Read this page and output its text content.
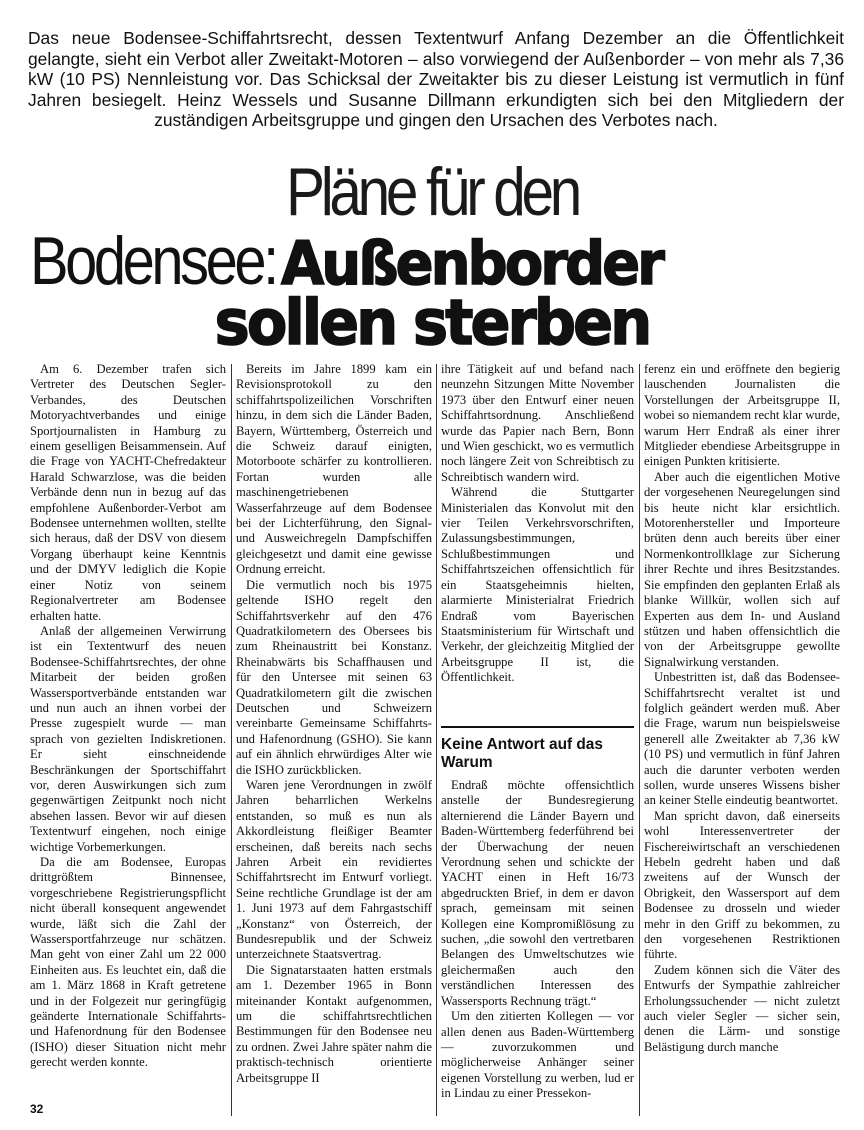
Das neue Bodensee-Schiffahrtsrecht, dessen Textentwurf Anfang Dezember an die Öffentlichkeit gelangte, sieht ein Verbot aller Zweitakt-Motoren – also vorwiegend der Außenborder – von mehr als 7,36 kW (10 PS) Nennleistung vor. Das Schicksal der Zweitakter bis zu dieser Leistung ist vermutlich in fünf Jahren besiegelt. Heinz Wessels und Susanne Dillmann erkundigten sich bei den Mitgliedern der zuständigen Arbeitsgruppe und gingen den Ursachen des Verbotes nach.

Pläne für den
Bodensee: Außenborder
sollen sterben

Am 6. Dezember trafen sich Vertreter des Deutschen Segler-Verbandes, des Deutschen Motoryachtverbandes und einige Sportjournalisten in Hamburg zu einem geselligen Beisammensein. Auf die Frage von YACHT-Chefredakteur Harald Schwarzlose, was die beiden Verbände denn nun in bezug auf das empfohlene Außenborder-Verbot am Bodensee unternehmen wollten, stellte sich heraus, daß der DSV von diesem Vorgang überhaupt keine Kenntnis und der DMYV lediglich die Kopie einer Notiz von seinem Regionalvertreter am Bodensee erhalten hatte.

Anlaß der allgemeinen Verwirrung ist ein Textentwurf des neuen Bodensee-Schiffahrtsrechtes, der ohne Mitarbeit der beiden großen Wassersportverbände entstanden war und nun auch an ihnen vorbei der Presse zugespielt wurde — man sprach von gezielten Indiskretionen. Er sieht einschneidende Beschränkungen der Sportschiffahrt vor, deren Auswirkungen sich zum gegenwärtigen Zeitpunkt noch nicht absehen lassen. Bevor wir auf diesen Textentwurf eingehen, noch einige wichtige Vorbemerkungen.

Da die am Bodensee, Europas drittgrößtem Binnensee, vorgeschriebene Registrierungspflicht nicht überall konsequent angewendet wurde, läßt sich die Zahl der Wassersportfahrzeuge nur schätzen. Man geht von einer Zahl um 22 000 Einheiten aus. Es leuchtet ein, daß die am 1. März 1868 in Kraft getretene und in der Folgezeit nur geringfügig geänderte Internationale Schiffahrts- und Hafenordnung für den Bodensee (ISHO) dieser Situation nicht mehr gerecht werden konnte.

Bereits im Jahre 1899 kam ein Revisionsprotokoll zu den schiffahrtspolizeilichen Vorschriften hinzu, in dem sich die Länder Baden, Bayern, Württemberg, Österreich und die Schweiz darauf einigten, Motorboote schärfer zu kontrollieren. Fortan wurden alle maschinengetriebenen Wasserfahrzeuge auf dem Bodensee bei der Lichterführung, den Signal- und Ausweichregeln Dampfschiffen gleichgesetzt und damit eine gewisse Ordnung erreicht.

Die vermutlich noch bis 1975 geltende ISHO regelt den Schiffahrtsverkehr auf den 476 Quadratkilometern des Obersees bis zum Rheinaustritt bei Konstanz. Rheinabwärts bis Schaffhausen und für den Untersee mit seinen 63 Quadratkilometern gilt die zwischen Deutschen und Schweizern vereinbarte Gemeinsame Schiffahrts- und Hafenordnung (GSHO). Sie kann auf ein ähnlich ehrwürdiges Alter wie die ISHO zurückblicken.

Waren jene Verordnungen in zwölf Jahren beharrlichen Werkelns entstanden, so muß es nun als Akkordleistung fleißiger Beamter erscheinen, daß bereits nach sechs Jahren Arbeit ein revidiertes Schiffahrtsrecht im Entwurf vorliegt. Seine rechtliche Grundlage ist der am 1. Juni 1973 auf dem Fahrgastschiff „Konstanz“ von Österreich, der Bundesrepublik und der Schweiz unterzeichnete Staatsvertrag.

Die Signatarstaaten hatten erstmals am 1. Dezember 1965 in Bonn miteinander Kontakt aufgenommen, um die schiffahrtsrechtlichen Bestimmungen für den Bodensee neu zu ordnen. Zwei Jahre später nahm die praktisch-technisch orientierte Arbeitsgruppe II

ihre Tätigkeit auf und befand nach neunzehn Sitzungen Mitte November 1973 über den Entwurf einer neuen Schiffahrtsordnung. Anschließend wurde das Papier nach Bern, Bonn und Wien geschickt, wo es vermutlich noch längere Zeit von Schreibtisch zu Schreibtisch wandern wird.

Während die Stuttgarter Ministerialen das Konvolut mit den vier Teilen Verkehrsvorschriften, Zulassungsbestimmungen, Schlußbestimmungen und Schiffahrtszeichen offensichtlich für ein Staatsgeheimnis hielten, alarmierte Ministerialrat Friedrich Endraß vom Bayerischen Staatsministerium für Wirtschaft und Verkehr, der gleichzeitig Mitglied der Arbeitsgruppe II ist, die Öffentlichkeit.

Keine Antwort auf das Warum

Endraß möchte offensichtlich anstelle der Bundesregierung alternierend die Länder Bayern und Baden-Württemberg federführend bei der Überwachung der neuen Verordnung sehen und schickte der YACHT einen in Heft 16/73 abgedruckten Brief, in dem er davon sprach, gemeinsam mit seinen Kollegen eine Kompromißlösung zu suchen, „die sowohl den vertretbaren Belangen des Umweltschutzes wie gleichermaßen auch den verständlichen Interessen des Wassersports Rechnung trägt.“

Um den zitierten Kollegen — vor allen denen aus Baden-Württemberg — zuvorzukommen und möglicherweise Anhänger seiner eigenen Vorstellung zu werben, lud er in Lindau zu einer Pressekon-

ferenz ein und eröffnete den begierig lauschenden Journalisten die Vorstellungen der Arbeitsgruppe II, wobei so niemandem recht klar wurde, warum Herr Endraß als einer ihrer Mitglieder ebendiese Arbeitsgruppe in einigen Punkten kritisierte.

Aber auch die eigentlichen Motive der vorgesehenen Neuregelungen sind bis heute nicht klar ersichtlich. Motorenhersteller und Importeure brüten denn auch bereits über einer Normenkontrollklage zur Sicherung ihrer Rechte und ihres Besitzstandes. Sie empfinden den geplanten Erlaß als blanke Willkür, wollen sich auf Experten aus dem In- und Ausland stützen und haben offensichtlich die von der Arbeitsgruppe gewollte Signalwirkung verstanden.

Unbestritten ist, daß das Bodensee-Schiffahrtsrecht veraltet ist und folglich geändert werden muß. Aber die Frage, warum nun beispielsweise generell alle Zweitakter ab 7,36 kW (10 PS) und vermutlich in fünf Jahren auch die darunter verboten werden sollen, wurde unseres Wissens bisher an keiner Stelle eindeutig beantwortet.

Man spricht davon, daß einerseits wohl Interessenvertreter der Fischereiwirtschaft an verschiedenen Hebeln gedreht haben und daß zweitens auf der Wunsch der Obrigkeit, den Wassersport auf dem Bodensee zu drosseln und wieder mehr in den Griff zu bekommen, zu den vorgesehenen Restriktionen führte.

Zudem können sich die Väter des Entwurfs der Sympathie zahlreicher Erholungssuchender — nicht zuletzt auch vieler Segler — sicher sein, denen die Lärm- und sonstige Belästigung durch manche

32
